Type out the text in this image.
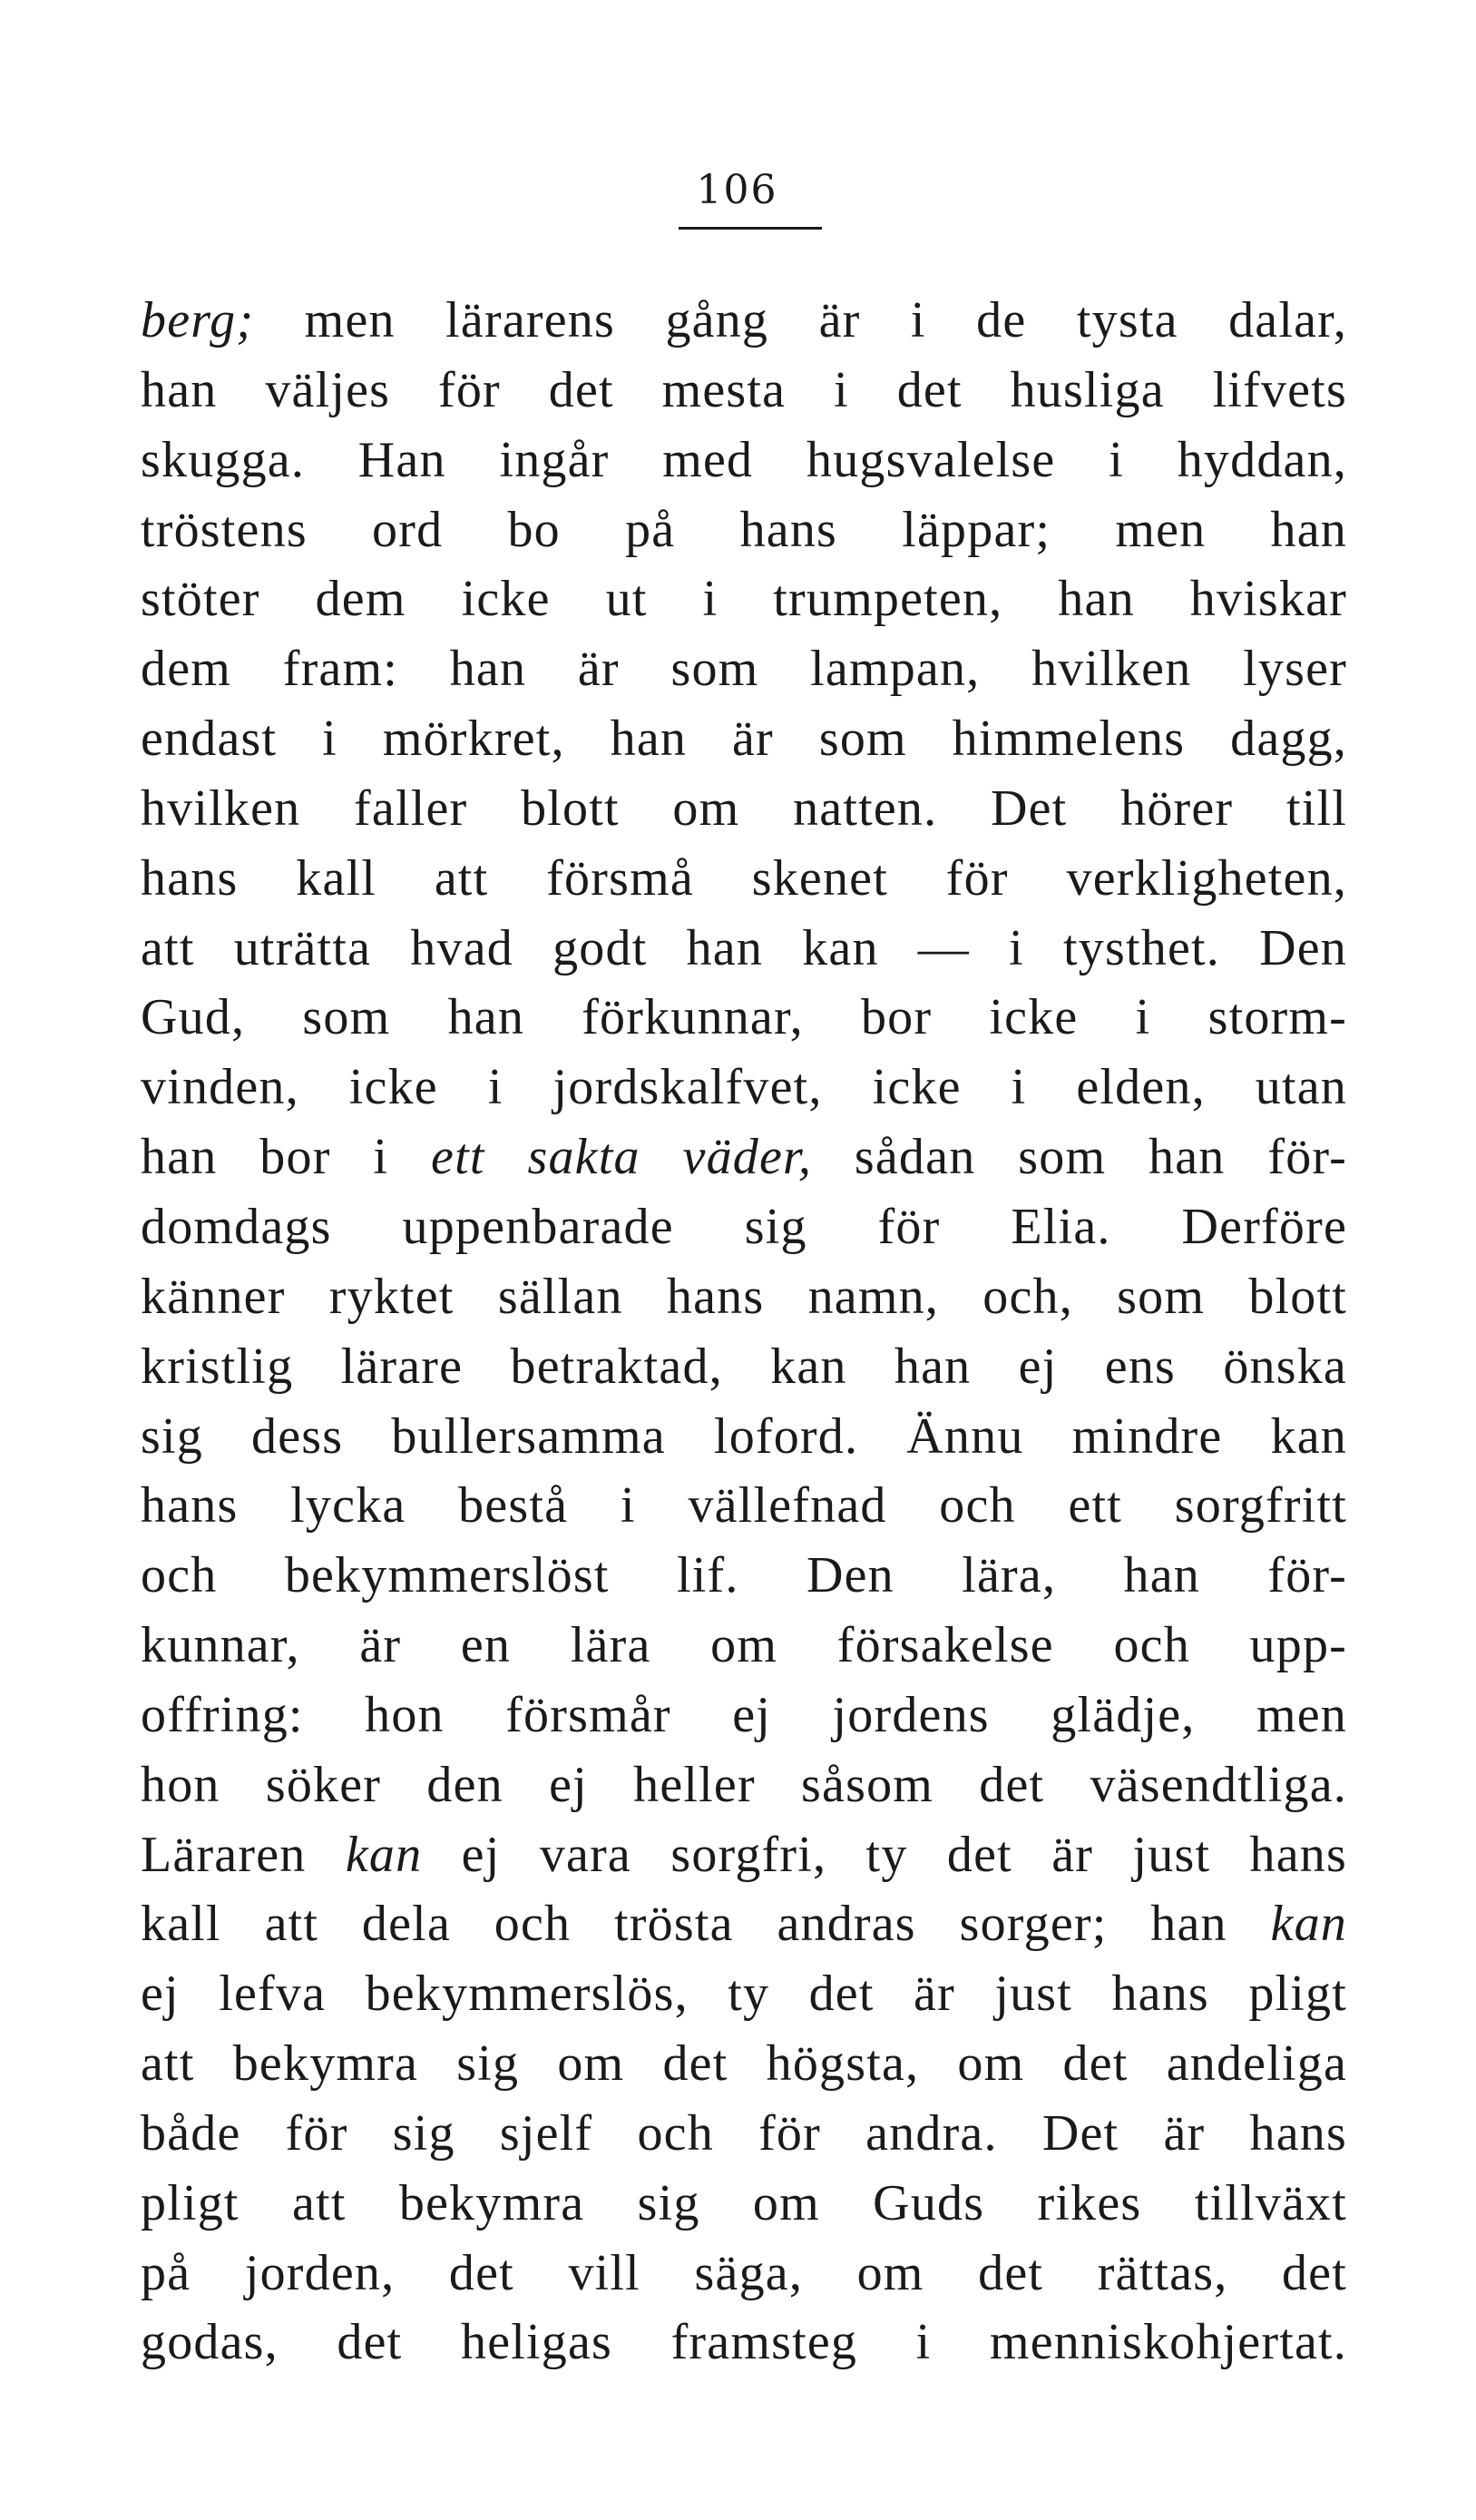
106
berg; men lärarens gång är i de tysta dalar,
han väljes för det mesta i det husliga lifvets
skugga. Han ingår med hugsvalelse i hyddan,
tröstens ord bo på hans läppar; men han
stöter dem icke ut i trumpeten, han hviskar
dem fram: han är som lampan, hvilken lyser
endast i mörkret, han är som himmelens dagg,
hvilken faller blott om natten. Det hörer till
hans kall att försmå skenet för verkligheten,
att uträtta hvad godt han kan — i tysthet. Den
Gud, som han förkunnar, bor icke i storm-
vinden, icke i jordskalfvet, icke i elden, utan
han bor i ett sakta väder, sådan som han för-
domdags uppenbarade sig för Elia. Derföre
känner ryktet sällan hans namn, och, som blott
kristlig lärare betraktad, kan han ej ens önska
sig dess bullersamma loford. Ännu mindre kan
hans lycka bestå i vällefnad och ett sorgfritt
och bekymmerslöst lif. Den lära, han för-
kunnar, är en lära om försakelse och upp-
offring: hon försmår ej jordens glädje, men
hon söker den ej heller såsom det väsendtliga.
Läraren kan ej vara sorgfri, ty det är just hans
kall att dela och trösta andras sorger; han kan
ej lefva bekymmerslös, ty det är just hans pligt
att bekymra sig om det högsta, om det andeliga
både för sig sjelf och för andra. Det är hans
pligt att bekymra sig om Guds rikes tillväxt
på jorden, det vill säga, om det rättas, det
godas, det heligas framsteg i menniskohjertat.
